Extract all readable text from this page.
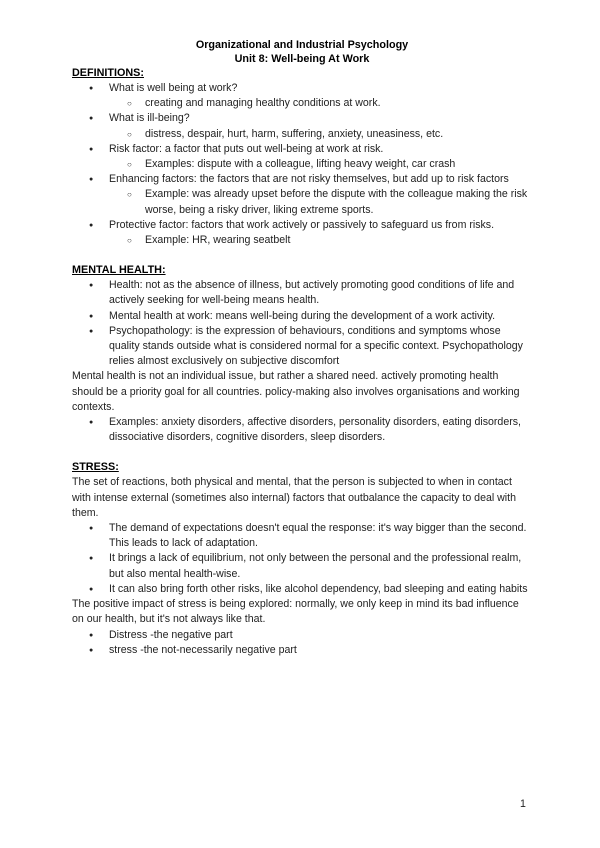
Organizational and Industrial Psychology
Unit 8: Well-being At Work
DEFINITIONS:
● What is well being at work?
○ creating and managing healthy conditions at work.
● What is ill-being?
○ distress, despair, hurt, harm, suffering, anxiety, uneasiness, etc.
● Risk factor: a factor that puts out well-being at work at risk.
○ Examples: dispute with a colleague, lifting heavy weight, car crash
● Enhancing factors: the factors that are not risky themselves, but add up to risk factors
○ Example: was already upset before the dispute with the colleague making the risk worse, being a risky driver, liking extreme sports.
● Protective factor: factors that work actively or passively to safeguard us from risks.
○ Example: HR, wearing seatbelt
MENTAL HEALTH:
● Health: not as the absence of illness, but actively promoting good conditions of life and actively seeking for well-being means health.
● Mental health at work: means well-being during the development of a work activity.
● Psychopathology: is the expression of behaviours, conditions and symptoms whose quality stands outside what is considered normal for a specific context. Psychopathology relies almost exclusively on subjective discomfort
Mental health is not an individual issue, but rather a shared need. actively promoting health should be a priority goal for all countries. policy-making also involves organisations and working contexts.
● Examples: anxiety disorders, affective disorders, personality disorders, eating disorders, dissociative disorders, cognitive disorders, sleep disorders.
STRESS:
The set of reactions, both physical and mental, that the person is subjected to when in contact with intense external (sometimes also internal) factors that outbalance the capacity to deal with them.
● The demand of expectations doesn't equal the response: it's way bigger than the second. This leads to lack of adaptation.
● It brings a lack of equilibrium, not only between the personal and the professional realm, but also mental health-wise.
● It can also bring forth other risks, like alcohol dependency, bad sleeping and eating habits
The positive impact of stress is being explored: normally, we only keep in mind its bad influence on our health, but it's not always like that.
● Distress -the negative part
● stress -the not-necessarily negative part
1
